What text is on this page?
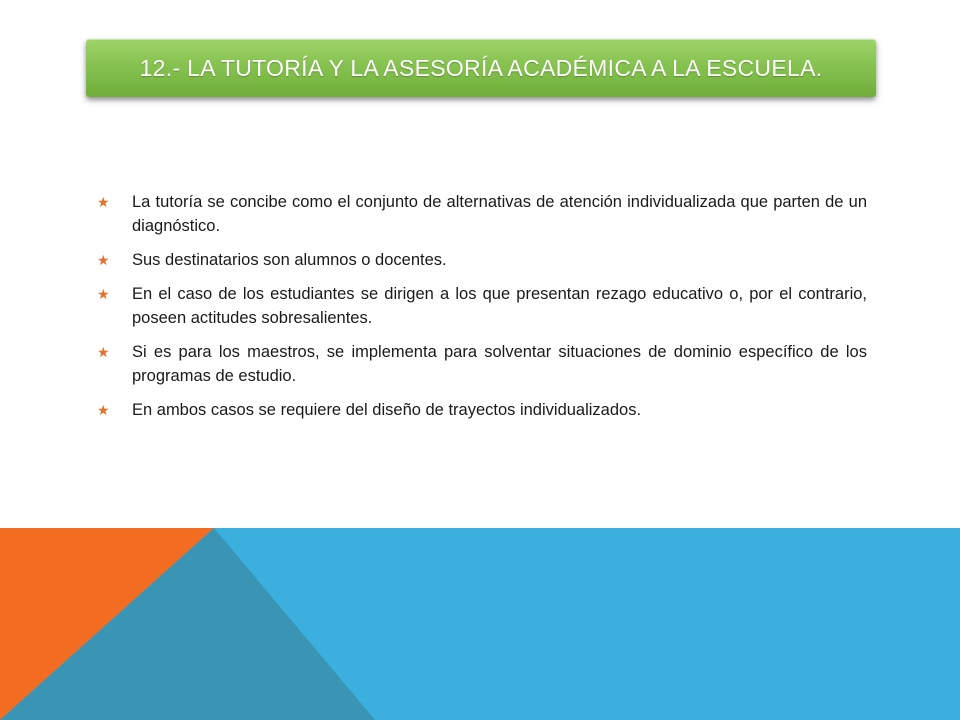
12.- LA TUTORÍA Y LA ASESORÍA ACADÉMICA A LA ESCUELA.
★ La tutoría se concibe como el conjunto de alternativas de atención individualizada que parten de un diagnóstico.
★ Sus destinatarios son alumnos o docentes.
★ En el caso de los estudiantes se dirigen a los que presentan rezago educativo o, por el contrario, poseen actitudes sobresalientes.
★ Si es para los maestros, se implementa para solventar situaciones de dominio específico de los programas de estudio.
★ En ambos casos se requiere del diseño de trayectos individualizados.
